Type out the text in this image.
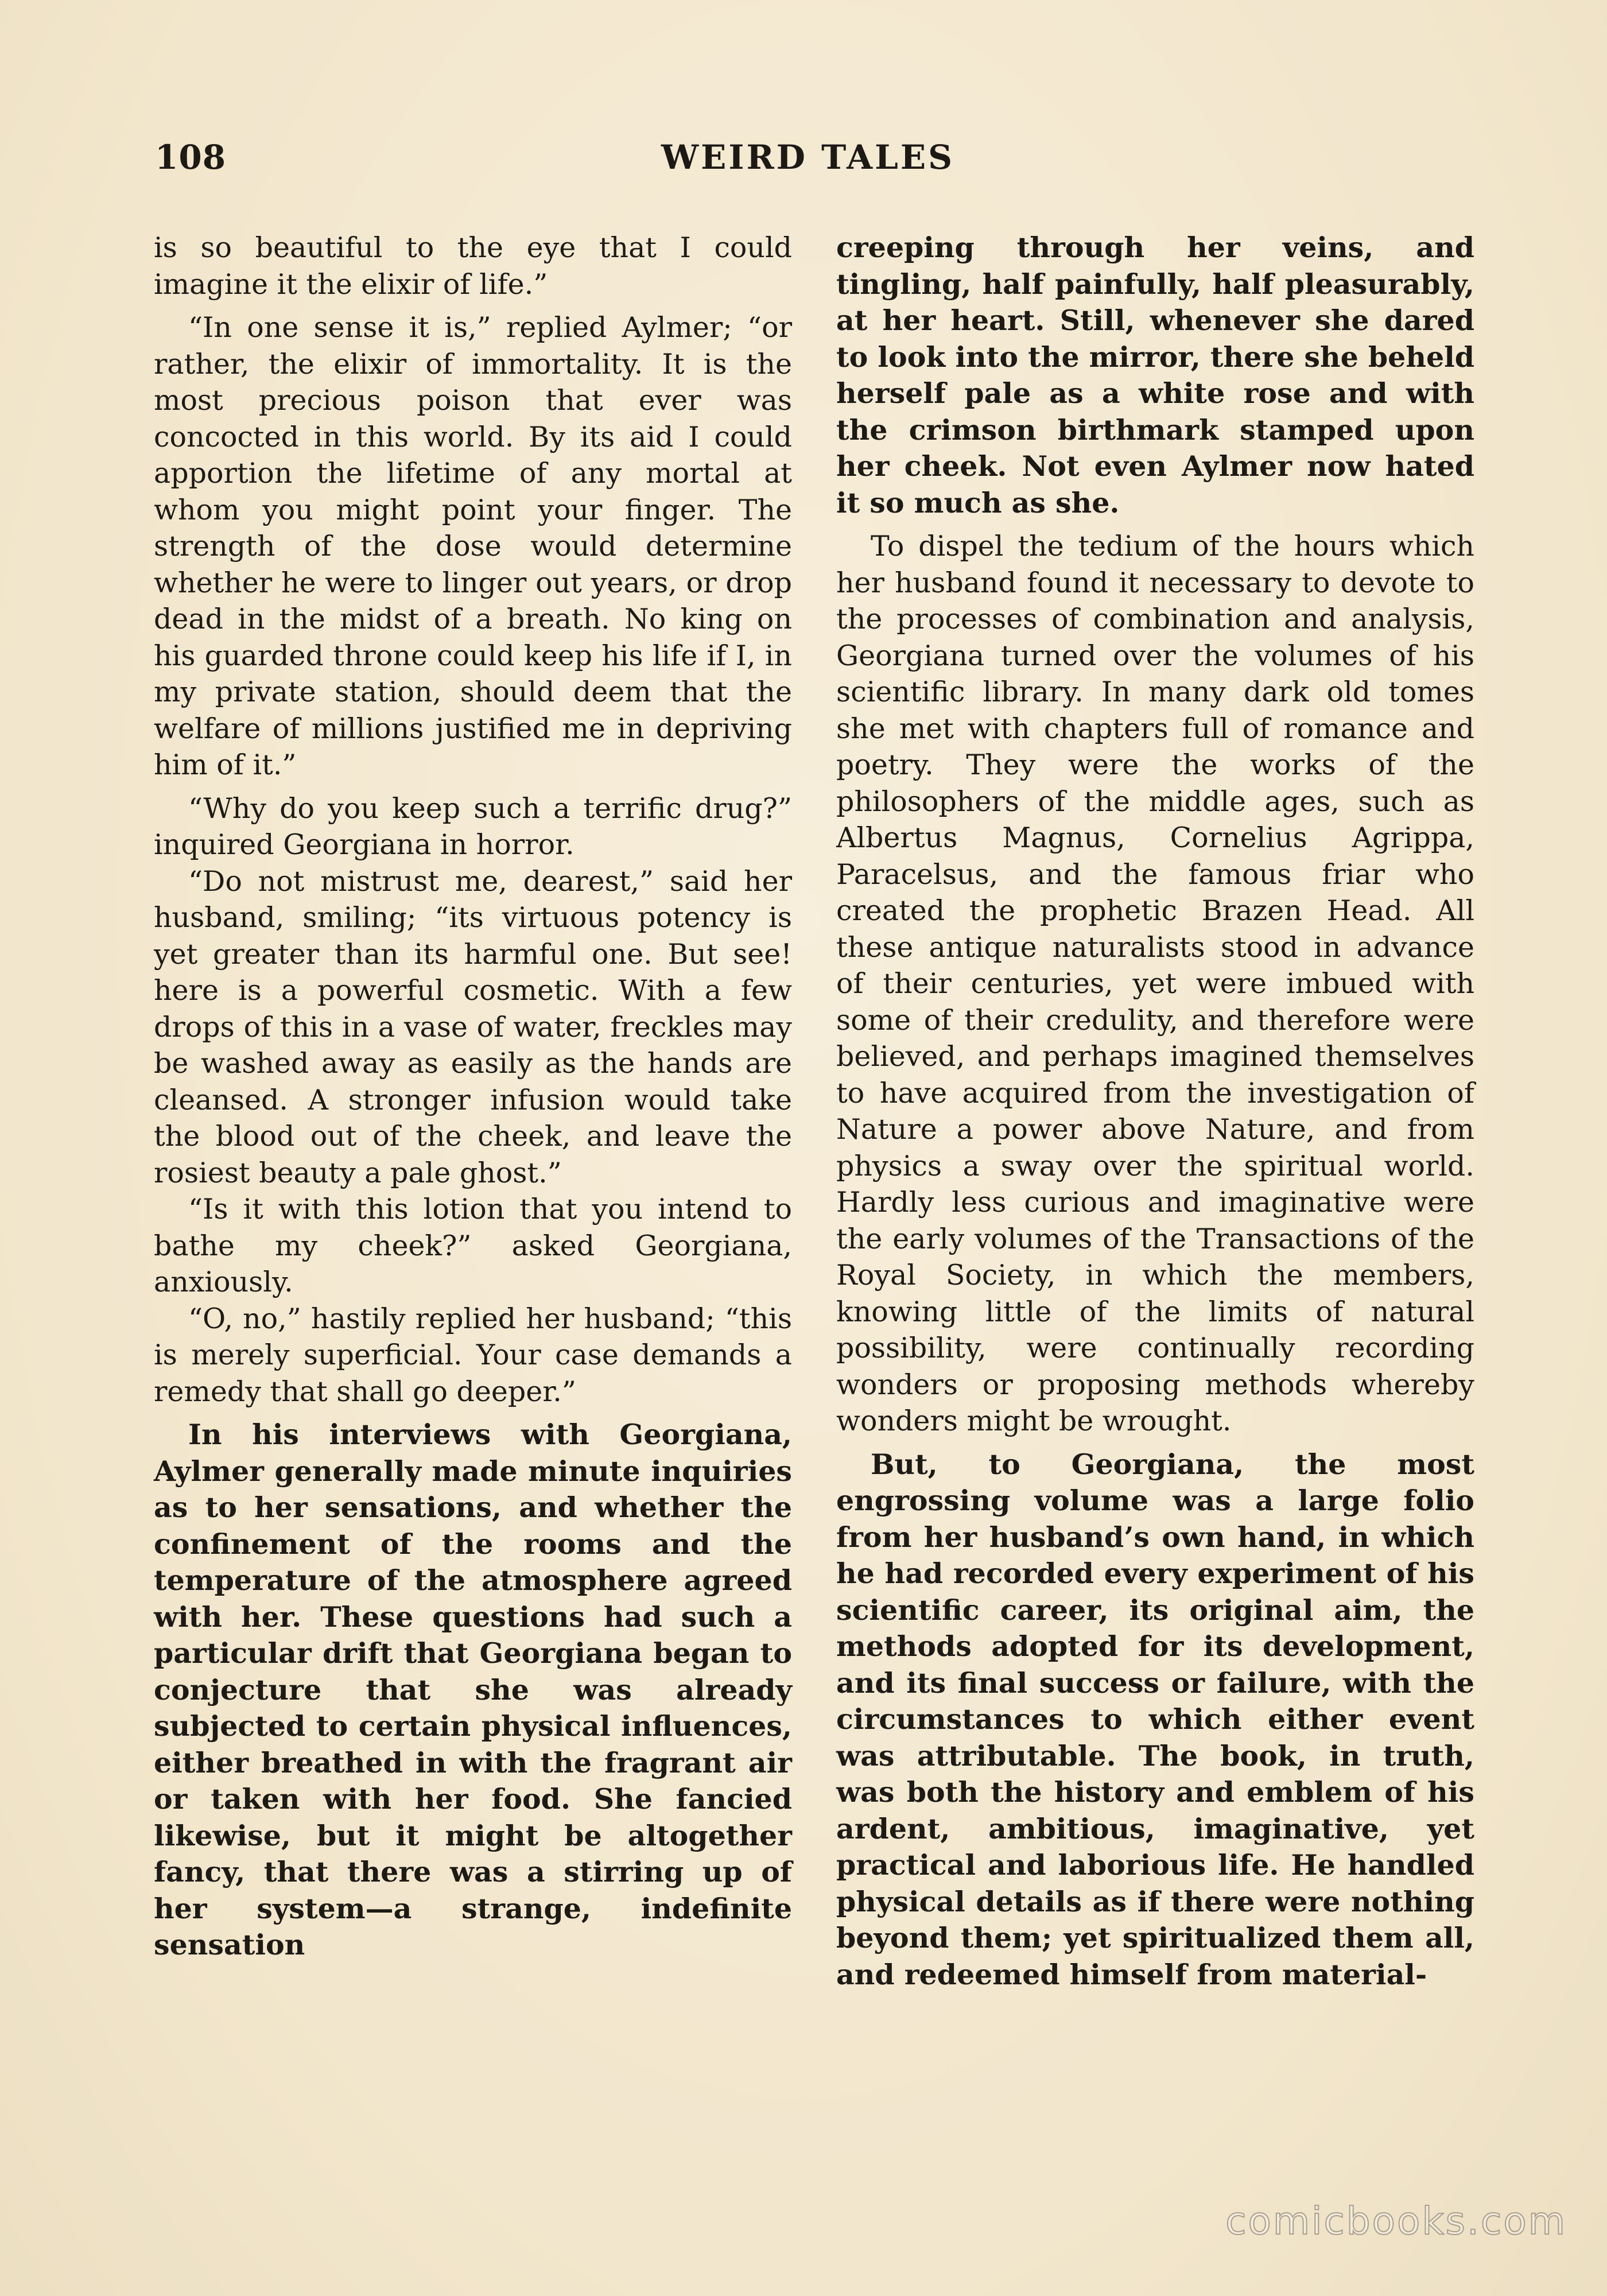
108	WEIRD TALES

is so beautiful to the eye that I could imagine it the elixir of life.”

“In one sense it is,” replied Aylmer; “or rather, the elixir of immortality. It is the most precious poison that ever was concocted in this world. By its aid I could apportion the lifetime of any mortal at whom you might point your finger. The strength of the dose would determine whether he were to linger out years, or drop dead in the midst of a breath. No king on his guarded throne could keep his life if I, in my private station, should deem that the welfare of millions justified me in depriving him of it.”

“Why do you keep such a terrific drug?” inquired Georgiana in horror.

“Do not mistrust me, dearest,” said her husband, smiling; “its virtuous potency is yet greater than its harmful one. But see! here is a powerful cosmetic. With a few drops of this in a vase of water, freckles may be washed away as easily as the hands are cleansed. A stronger infusion would take the blood out of the cheek, and leave the rosiest beauty a pale ghost.”

“Is it with this lotion that you intend to bathe my cheek?” asked Georgiana, anxiously.

“O, no,” hastily replied her husband; “this is merely superficial. Your case demands a remedy that shall go deeper.”

In his interviews with Georgiana, Aylmer generally made minute inquiries as to her sensations, and whether the confinement of the rooms and the temperature of the atmosphere agreed with her. These questions had such a particular drift that Georgiana began to conjecture that she was already subjected to certain physical influences, either breathed in with the fragrant air or taken with her food. She fancied likewise, but it might be altogether fancy, that there was a stirring up of her system—a strange, indefinite sensation

creeping through her veins, and tingling, half painfully, half pleasurably, at her heart. Still, whenever she dared to look into the mirror, there she beheld herself pale as a white rose and with the crimson birthmark stamped upon her cheek. Not even Aylmer now hated it so much as she.

To dispel the tedium of the hours which her husband found it necessary to devote to the processes of combination and analysis, Georgiana turned over the volumes of his scientific library. In many dark old tomes she met with chapters full of romance and poetry. They were the works of the philosophers of the middle ages, such as Albertus Magnus, Cornelius Agrippa, Paracelsus, and the famous friar who created the prophetic Brazen Head. All these antique naturalists stood in advance of their centuries, yet were imbued with some of their credulity, and therefore were believed, and perhaps imagined themselves to have acquired from the investigation of Nature a power above Nature, and from physics a sway over the spiritual world. Hardly less curious and imaginative were the early volumes of the Transactions of the Royal Society, in which the members, knowing little of the limits of natural possibility, were continually recording wonders or proposing methods whereby wonders might be wrought.

But, to Georgiana, the most engrossing volume was a large folio from her husband’s own hand, in which he had recorded every experiment of his scientific career, its original aim, the methods adopted for its development, and its final success or failure, with the circumstances to which either event was attributable. The book, in truth, was both the history and emblem of his ardent, ambitious, imaginative, yet practical and laborious life. He handled physical details as if there were nothing beyond them; yet spiritualized them all, and redeemed himself from material-

comicbooks.com
